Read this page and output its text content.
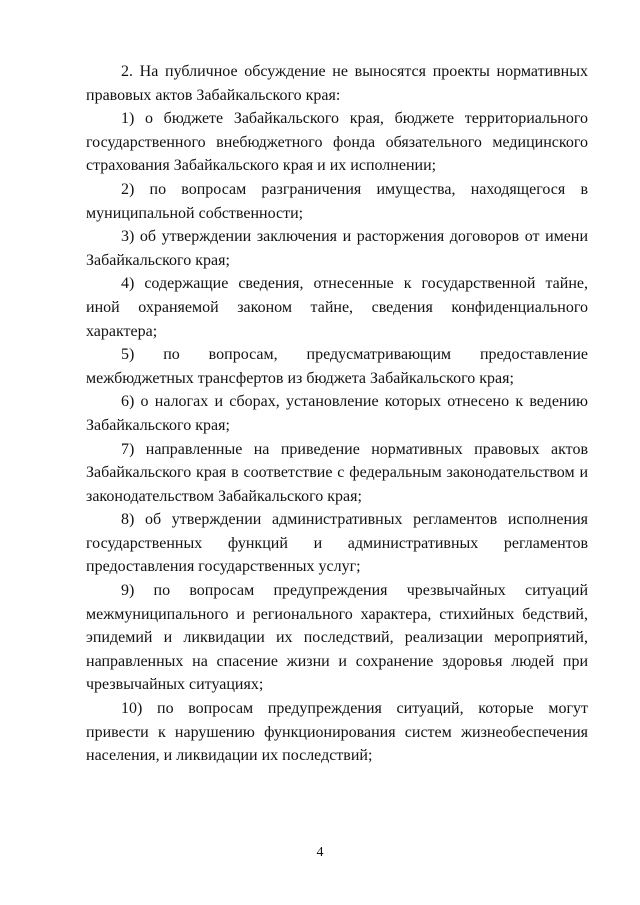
2. На публичное обсуждение не выносятся проекты нормативных правовых актов Забайкальского края:

1) о бюджете Забайкальского края, бюджете территориального государственного внебюджетного фонда обязательного медицинского страхования Забайкальского края и их исполнении;

2) по вопросам разграничения имущества, находящегося в муниципальной собственности;

3) об утверждении заключения и расторжения договоров от имени Забайкальского края;

4) содержащие сведения, отнесенные к государственной тайне, иной охраняемой законом тайне, сведения конфиденциального характера;

5) по вопросам, предусматривающим предоставление межбюджетных трансфертов из бюджета Забайкальского края;

6) о налогах и сборах, установление которых отнесено к ведению Забайкальского края;

7) направленные на приведение нормативных правовых актов Забайкальского края в соответствие с федеральным законодательством и законодательством Забайкальского края;

8) об утверждении административных регламентов исполнения государственных функций и административных регламентов предоставления государственных услуг;

9) по вопросам предупреждения чрезвычайных ситуаций межмуниципального и регионального характера, стихийных бедствий, эпидемий и ликвидации их последствий, реализации мероприятий, направленных на спасение жизни и сохранение здоровья людей при чрезвычайных ситуациях;

10) по вопросам предупреждения ситуаций, которые могут привести к нарушению функционирования систем жизнеобеспечения населения, и ликвидации их последствий;

4
